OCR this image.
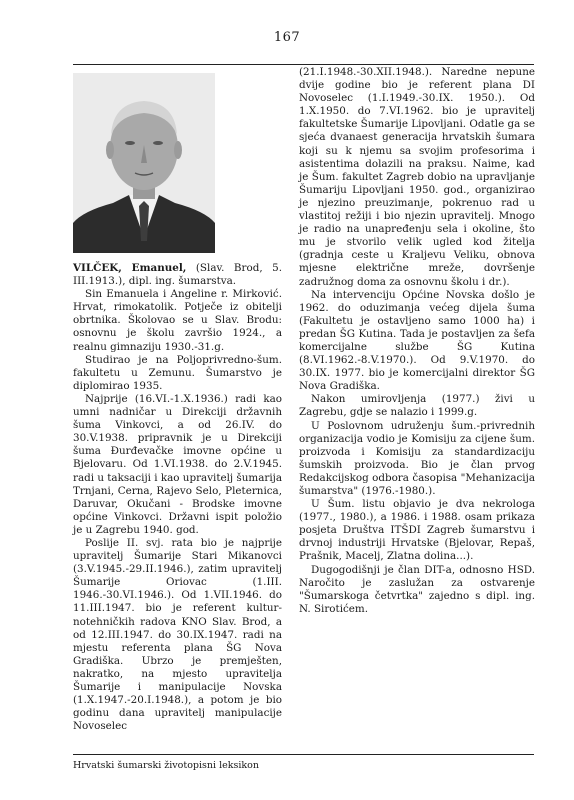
167

VILČEK, Emanuel, (Slav. Brod, 5. III.1913.), dipl. ing. šumarstva.

Sin Emanuela i Angeline r. Mirković. Hrvat, rimokatolik. Potječe iz obitelji obrtnika. Školovao se u Slav. Brodu: osnovnu je školu završio 1924., a realnu gimnaziju 1930.-31.g.

Studirao je na Poljoprivredno-šum. fakultetu u Zemunu. Šumarstvo je diplomirao 1935.

Najprije (16.VI.-1.X.1936.) radi kao umni nadničar u Direkciji državnih šuma Vinkovci, a od 26.IV. do 30.V.1938. pripravnik je u Direkciji šuma Đurđevačke imovne općine u Bjelovaru. Od 1.VI.1938. do 2.V.1945. radi u taksaciji i kao upravitelj šumarija Trnjani, Cerna, Rajevo Selo, Pleternica, Daruvar, Okučani - Brodske imovne općine Vinkovci. Državni ispit položio je u Zagrebu 1940. god.

Poslije II. svj. rata bio je najprije upravitelj Šumarije Stari Mikanovci (3.V.1945.-29.II.1946.), zatim upravitelj Šumarije Oriovac (1.III. 1946.-30.VI.1946.). Od 1.VII.1946. do 11.III.1947. bio je referent kultur-notehničkih radova KNO Slav. Brod, a od 12.III.1947. do 30.IX.1947. radi na mjestu referenta plana ŠG Nova Gradiška. Ubrzo je premješten, nakratko, na mjesto upravitelja Šumarije i manipulacije Novska (1.X.1947.-20.I.1948.), a potom je bio godinu dana upravitelj manipulacije Novoselec

(21.I.1948.-30.XII.1948.). Naredne nepune dvije godine bio je referent plana DI Novoselec (1.I.1949.-30.IX. 1950.). Od 1.X.1950. do 7.VI.1962. bio je upravitelj fakultetske Šumarije Lipovljani. Odatle ga se sjeća dvanaest generacija hrvatskih šumara koji su k njemu sa svojim profesorima i asistentima dolazili na praksu. Naime, kad je Šum. fakultet Zagreb dobio na upravljanje Šumariju Lipovljani 1950. god., organizirao je njezino preuzimanje, pokrenuo rad u vlastitoj režiji i bio njezin upravitelj. Mnogo je radio na unapređenju sela i okoline, što mu je stvorilo velik ugled kod žitelja (gradnja ceste u Kraljevu Veliku, obnova mjesne električne mreže, dovršenje zadružnog doma za osnovnu školu i dr.).

Na intervenciju Općine Novska došlo je 1962. do oduzimanja većeg dijela šuma (Fakultetu je ostavljeno samo 1000 ha) i predan ŠG Kutina. Tada je postavljen za šefa komercijalne službe ŠG Kutina (8.VI.1962.-8.V.1970.). Od 9.V.1970. do 30.IX. 1977. bio je komercijalni direktor ŠG Nova Gradiška.

Nakon umirovljenja (1977.) živi u Zagrebu, gdje se nalazio i 1999.g.

U Poslovnom udruženju šum.-privrednih organizacija vodio je Komisiju za cijene šum. proizvoda i Komisiju za standardizaciju šumskih proizvoda. Bio je član prvog Redakcijskog odbora časopisa "Mehanizacija šumarstva" (1976.-1980.).

U Šum. listu objavio je dva nekrologa (1977., 1980.), a 1986. i 1988. osam prikaza posjeta Društva ITŠDI Zagreb šumarstvu i drvnoj industriji Hrvatske (Bjelovar, Repaš, Prašnik, Macelj, Zlatna dolina...).

Dugogodišnji je član DIT-a, odnosno HSD. Naročito je zaslužan za ostvarenje "Šumarskoga četvrtka" zajedno s dipl. ing. N. Sirotićem.

Hrvatski šumarski životopisni leksikon
